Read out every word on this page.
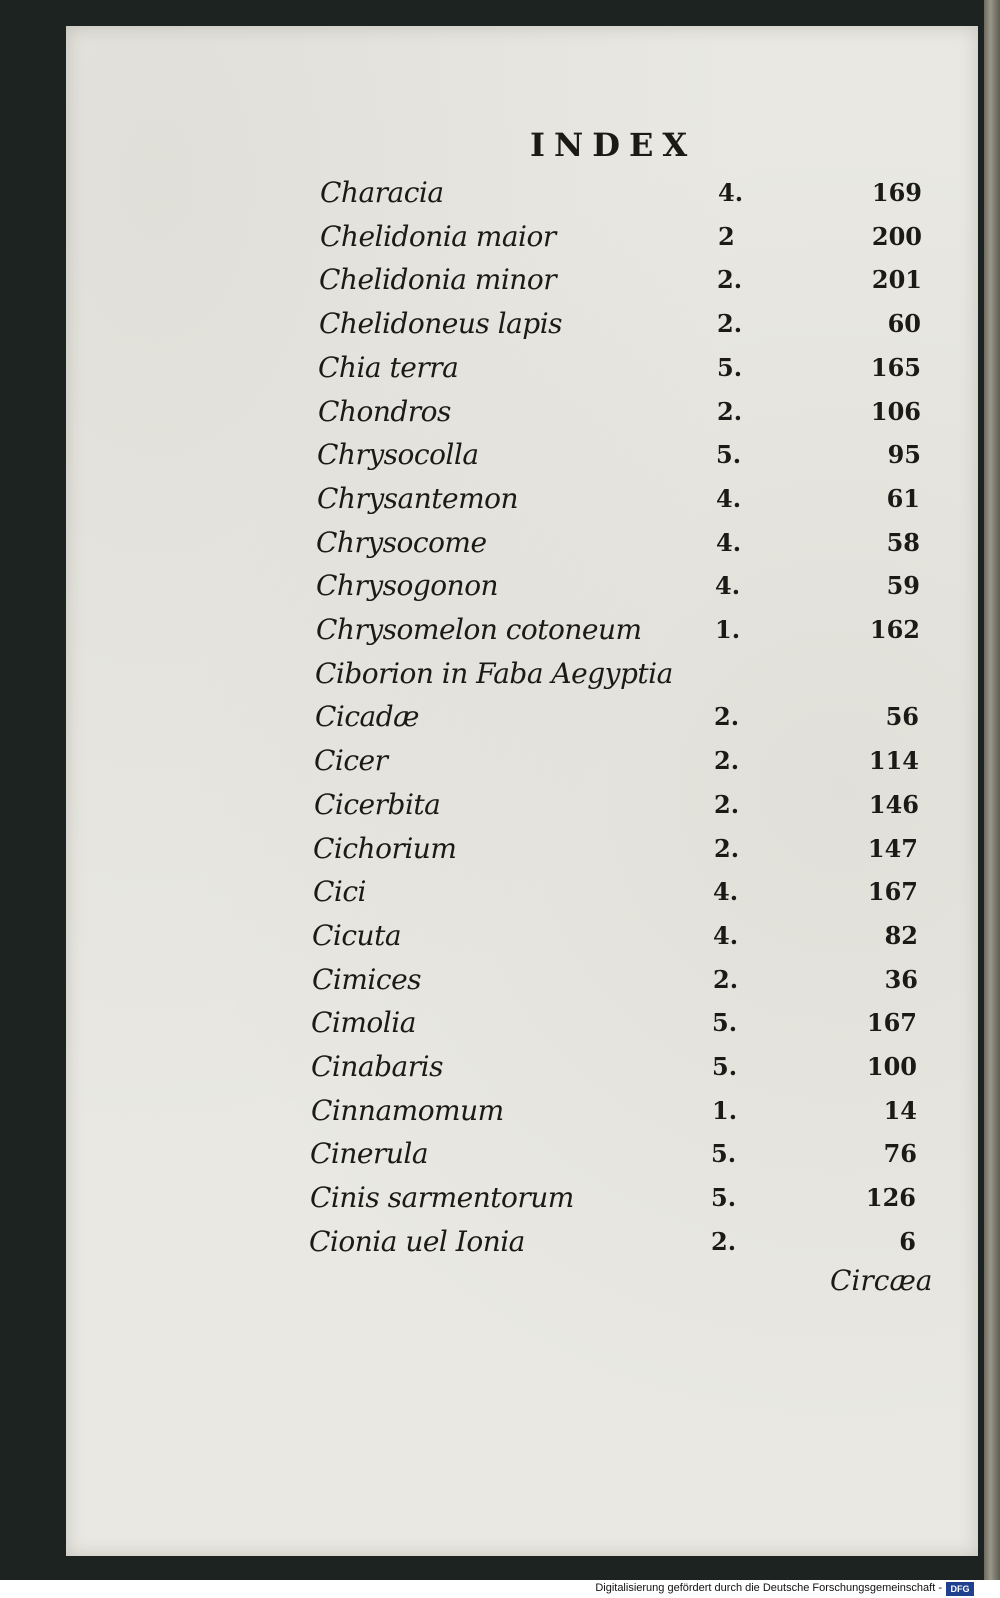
INDEX
Characia	4.	169
Chelidonia maior	2	200
Chelidonia minor	2.	201
Chelidoneus lapis	2.	60
Chia terra	5.	165
Chondros	2.	106
Chrysocolla	5.	95
Chrysantemon	4.	61
Chrysocome	4.	58
Chrysogonon	4.	59
Chrysomelon cotoneum	1.	162
Ciborion in Faba Aegyptia
Cicadæ	2.	56
Cicer	2.	114
Cicerbita	2.	146
Cichorium	2.	147
Cici	4.	167
Cicuta	4.	82
Cimices	2.	36
Cimolia	5.	167
Cinabaris	5.	100
Cinnamomum	1.	14
Cinerula	5.	76
Cinis sarmentorum	5.	126
Cionia uel Ionia	2.	6
Circæa
Digitalisierung gefördert durch die Deutsche Forschungsgemeinschaft - DFG
